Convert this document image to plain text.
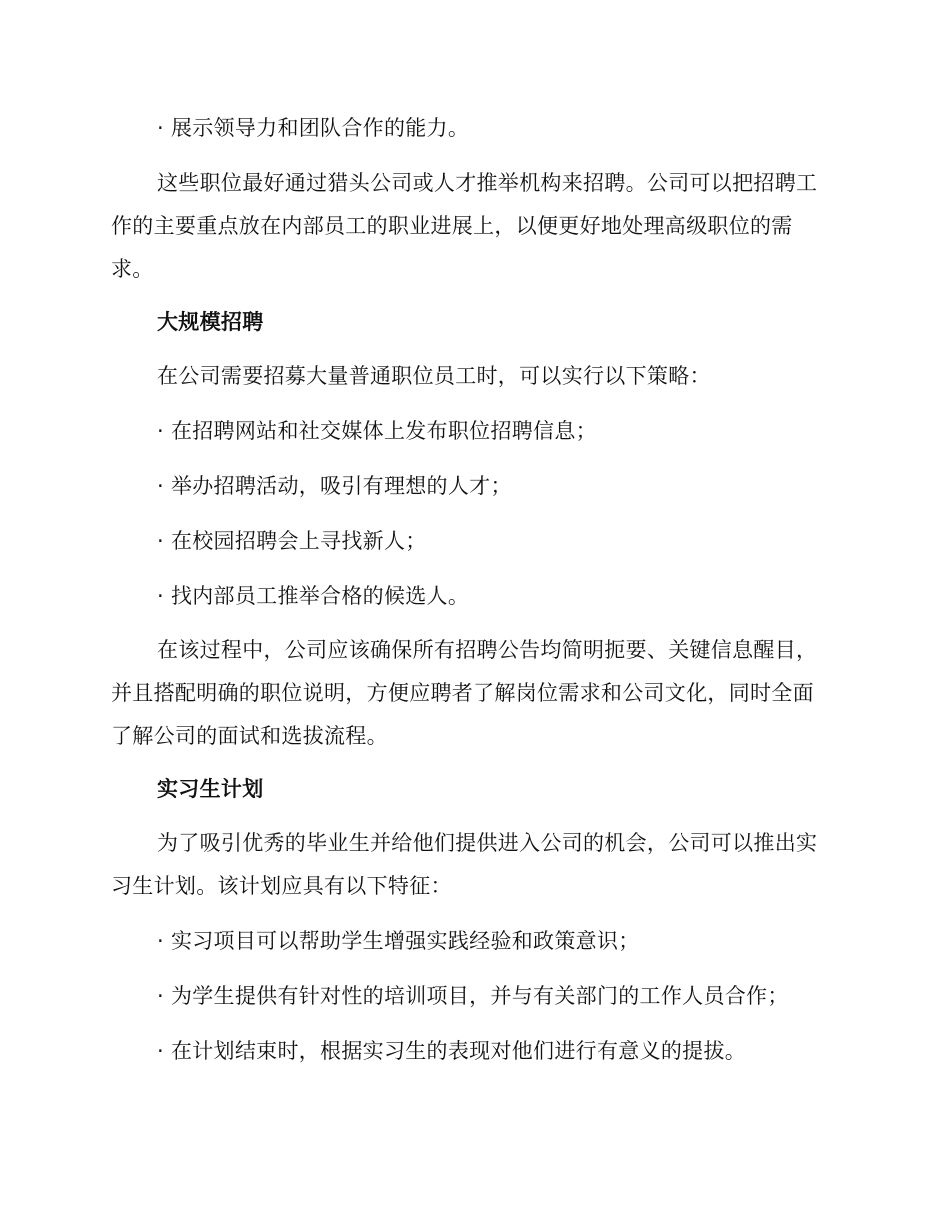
· 展示领导力和团队合作的能力。
这些职位最好通过猎头公司或人才推举机构来招聘。公司可以把招聘工
作的主要重点放在内部员工的职业进展上，以便更好地处理高级职位的需
求。
大规模招聘
在公司需要招募大量普通职位员工时，可以实行以下策略：
· 在招聘网站和社交媒体上发布职位招聘信息；
· 举办招聘活动，吸引有理想的人才；
· 在校园招聘会上寻找新人；
· 找内部员工推举合格的候选人。
在该过程中，公司应该确保所有招聘公告均简明扼要、关键信息醒目，
并且搭配明确的职位说明，方便应聘者了解岗位需求和公司文化，同时全面
了解公司的面试和选拔流程。
实习生计划
为了吸引优秀的毕业生并给他们提供进入公司的机会，公司可以推出实
习生计划。该计划应具有以下特征：
· 实习项目可以帮助学生增强实践经验和政策意识；
· 为学生提供有针对性的培训项目，并与有关部门的工作人员合作；
· 在计划结束时，根据实习生的表现对他们进行有意义的提拔。
